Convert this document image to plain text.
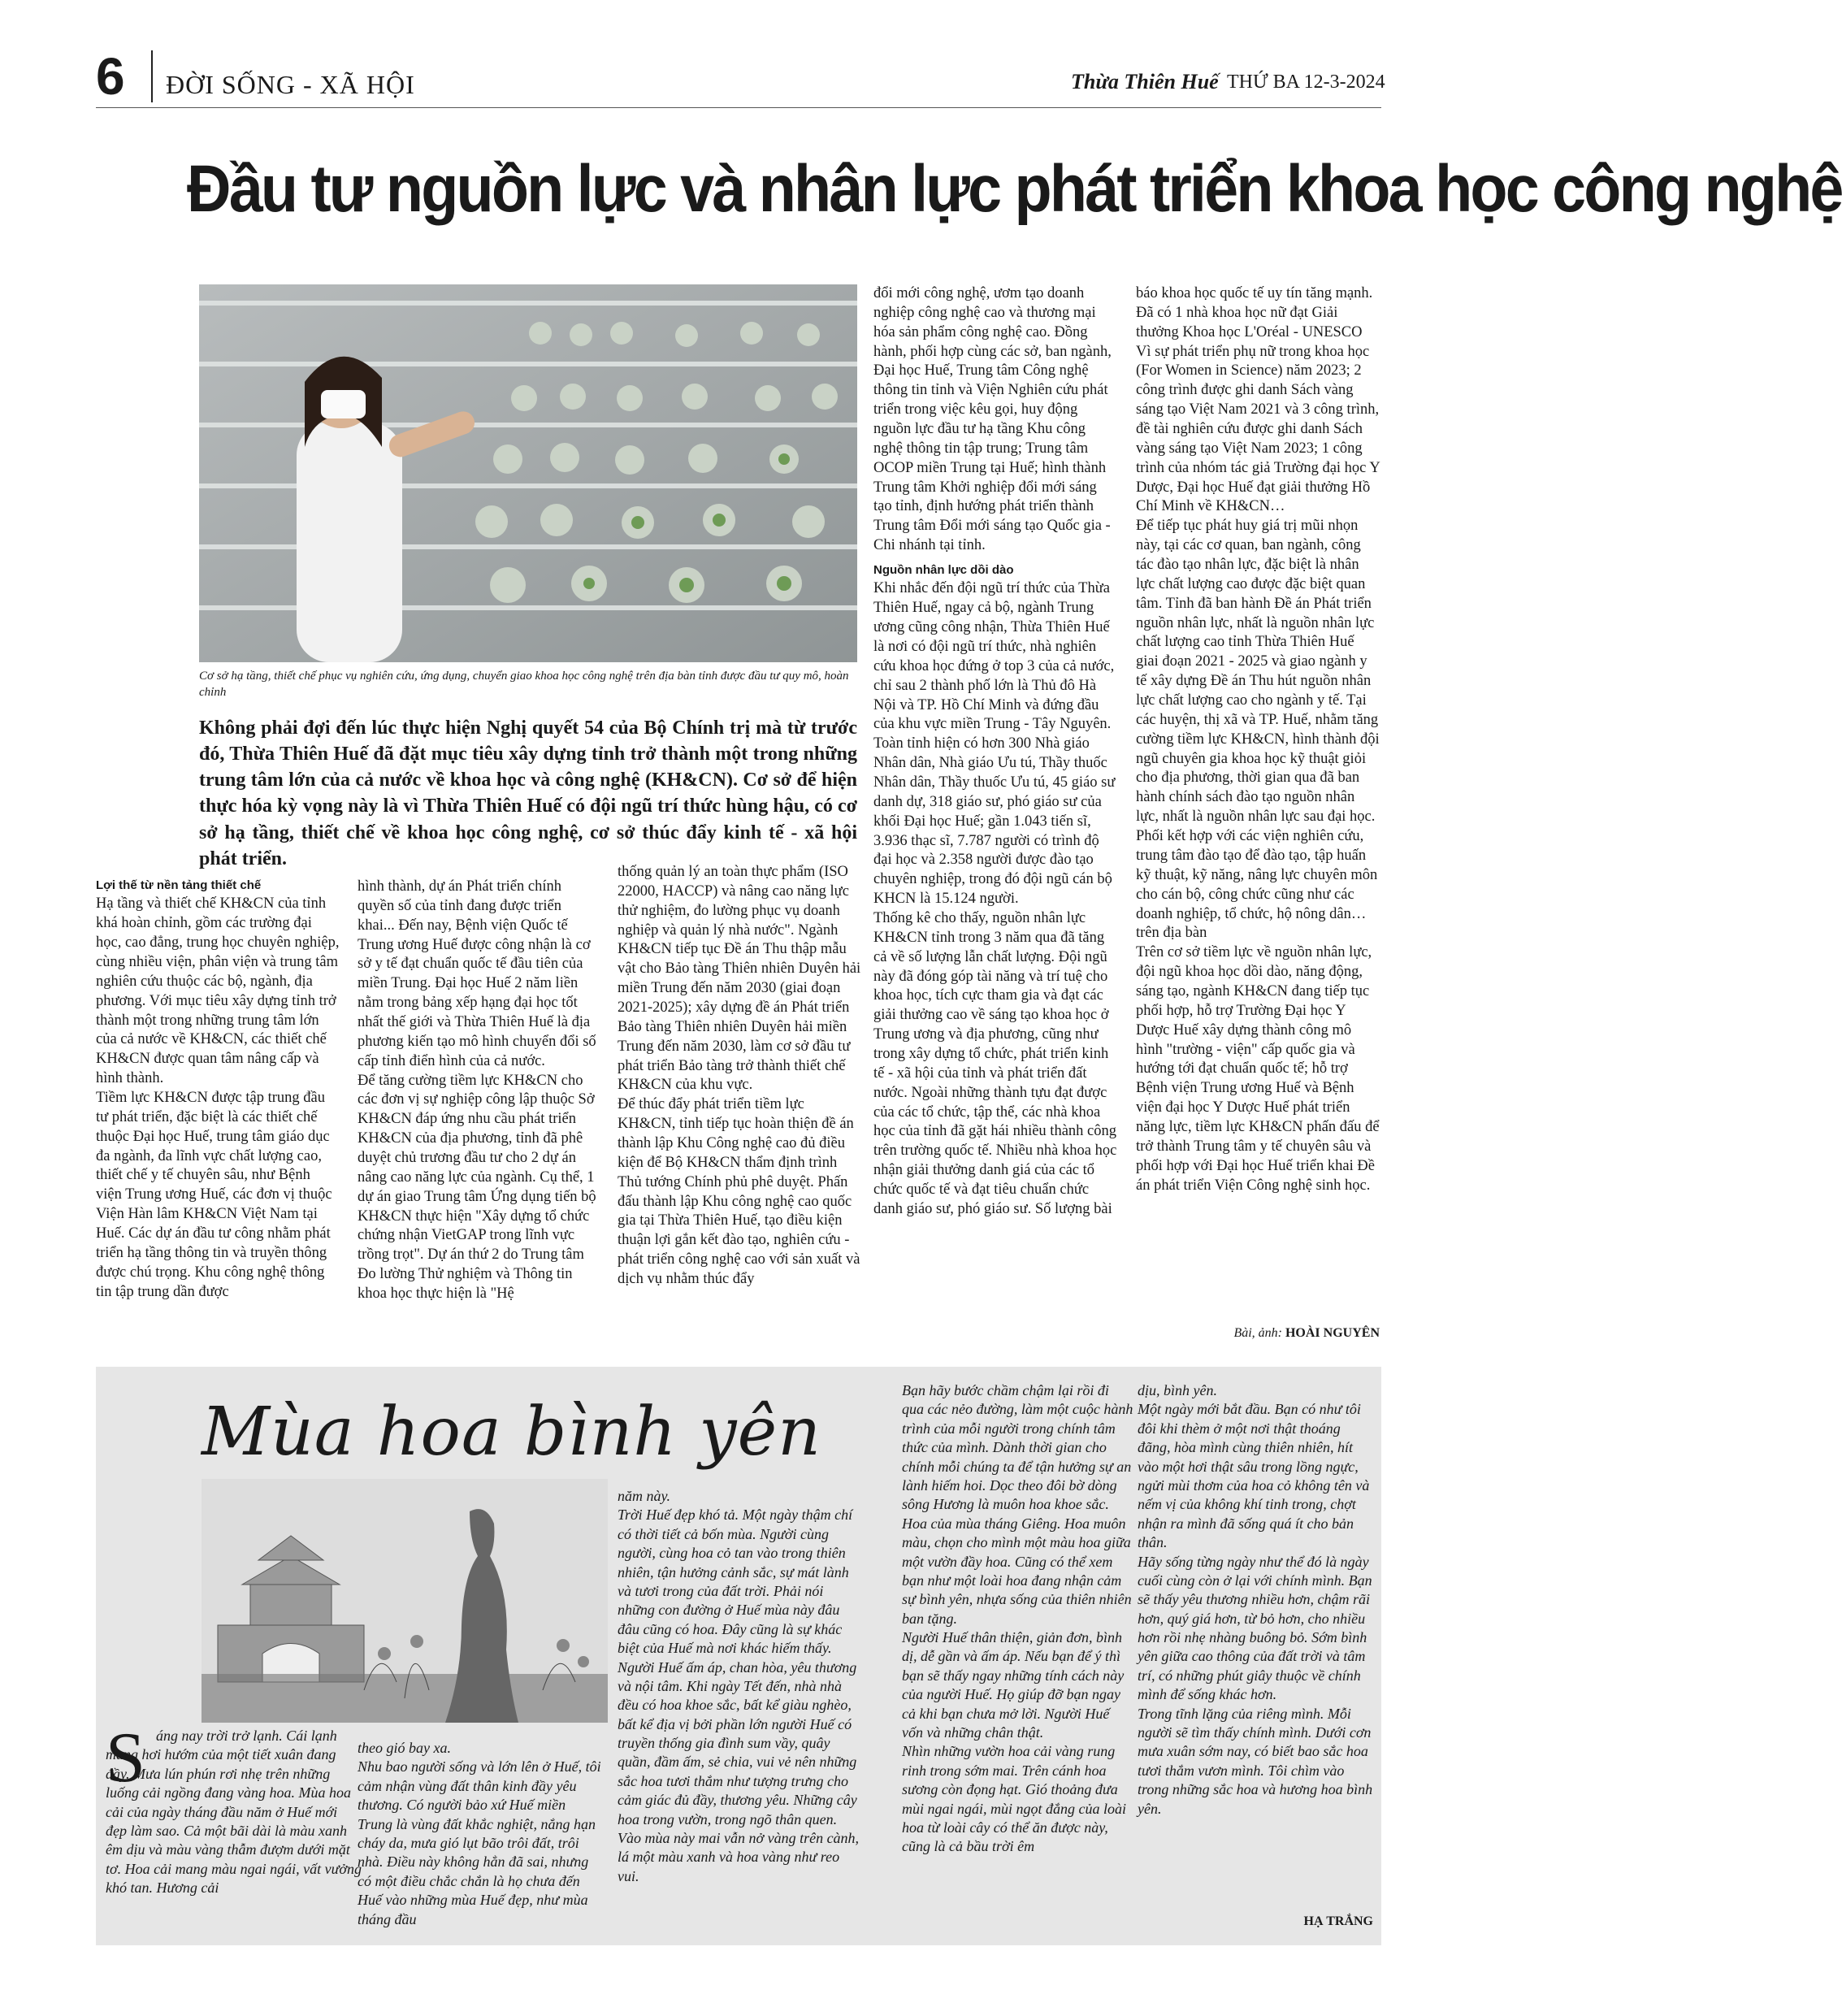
6 ĐỜI SỐNG - XÃ HỘI	Thừa Thiên Huế THỨ BA 12-3-2024
Đầu tư nguồn lực và nhân lực phát triển khoa học công nghệ
Cơ sở hạ tầng, thiết chế phục vụ nghiên cứu, ứng dụng, chuyển giao khoa học công nghệ trên địa bàn tỉnh được đầu tư quy mô, hoàn chỉnh
Không phải đợi đến lúc thực hiện Nghị quyết 54 của Bộ Chính trị mà từ trước đó, Thừa Thiên Huế đã đặt mục tiêu xây dựng tỉnh trở thành một trong những trung tâm lớn của cả nước về khoa học và công nghệ (KH&CN). Cơ sở để hiện thực hóa kỳ vọng này là vì Thừa Thiên Huế có đội ngũ trí thức hùng hậu, có cơ sở hạ tầng, thiết chế về khoa học công nghệ, cơ sở thúc đẩy kinh tế - xã hội phát triển.
Lợi thế từ nền tảng thiết chế
Hạ tầng và thiết chế KH&CN của tỉnh khá hoàn chỉnh, gồm các trường đại học, cao đẳng, trung học chuyên nghiệp, cùng nhiều viện, phân viện và trung tâm nghiên cứu thuộc các bộ, ngành, địa phương. Với mục tiêu xây dựng tỉnh trở thành một trong những trung tâm lớn của cả nước về KH&CN, các thiết chế KH&CN được quan tâm nâng cấp và hình thành.
Tiềm lực KH&CN được tập trung đầu tư phát triển, đặc biệt là các thiết chế thuộc Đại học Huế, trung tâm giáo dục đa ngành, đa lĩnh vực chất lượng cao, thiết chế y tế chuyên sâu, như Bệnh viện Trung ương Huế, các đơn vị thuộc Viện Hàn lâm KH&CN Việt Nam tại Huế. Các dự án đầu tư công nhằm phát triển hạ tầng thông tin và truyền thông được chú trọng. Khu công nghệ thông tin tập trung dần được
hình thành, dự án Phát triển chính quyền số của tỉnh đang được triển khai... Đến nay, Bệnh viện Quốc tế Trung ương Huế được công nhận là cơ sở y tế đạt chuẩn quốc tế đầu tiên của miền Trung. Đại học Huế 2 năm liền nằm trong bảng xếp hạng đại học tốt nhất thế giới và Thừa Thiên Huế là địa phương kiến tạo mô hình chuyển đổi số cấp tỉnh điển hình của cả nước.
Để tăng cường tiềm lực KH&CN cho các đơn vị sự nghiệp công lập thuộc Sở KH&CN đáp ứng nhu cầu phát triển KH&CN của địa phương, tỉnh đã phê duyệt chủ trương đầu tư cho 2 dự án nâng cao năng lực của ngành. Cụ thể, 1 dự án giao Trung tâm Ứng dụng tiến bộ KH&CN thực hiện "Xây dựng tổ chức chứng nhận VietGAP trong lĩnh vực trồng trọt". Dự án thứ 2 do Trung tâm Đo lường Thử nghiệm và Thông tin khoa học thực hiện là "Hệ
thống quản lý an toàn thực phẩm (ISO 22000, HACCP) và nâng cao năng lực thử nghiệm, đo lường phục vụ doanh nghiệp và quản lý nhà nước". Ngành KH&CN tiếp tục Đề án Thu thập mẫu vật cho Bảo tàng Thiên nhiên Duyên hải miền Trung đến năm 2030 (giai đoạn 2021-2025); xây dựng đề án Phát triển Bảo tàng Thiên nhiên Duyên hải miền Trung đến năm 2030, làm cơ sở đầu tư phát triển Bảo tàng trở thành thiết chế KH&CN của khu vực.
Để thúc đẩy phát triển tiềm lực KH&CN, tỉnh tiếp tục hoàn thiện đề án thành lập Khu Công nghệ cao đủ điều kiện để Bộ KH&CN thẩm định trình Thủ tướng Chính phủ phê duyệt. Phấn đấu thành lập Khu công nghệ cao quốc gia tại Thừa Thiên Huế, tạo điều kiện thuận lợi gắn kết đào tạo, nghiên cứu - phát triển công nghệ cao với sản xuất và dịch vụ nhằm thúc đẩy
đổi mới công nghệ, ươm tạo doanh nghiệp công nghệ cao và thương mại hóa sản phẩm công nghệ cao. Đồng hành, phối hợp cùng các sở, ban ngành, Đại học Huế, Trung tâm Công nghệ thông tin tỉnh và Viện Nghiên cứu phát triển trong việc kêu gọi, huy động nguồn lực đầu tư hạ tầng Khu công nghệ thông tin tập trung; Trung tâm OCOP miền Trung tại Huế; hình thành Trung tâm Khởi nghiệp đổi mới sáng tạo tỉnh, định hướng phát triển thành Trung tâm Đổi mới sáng tạo Quốc gia - Chi nhánh tại tỉnh.
Nguồn nhân lực dồi dào
Khi nhắc đến đội ngũ trí thức của Thừa Thiên Huế, ngay cả bộ, ngành Trung ương cũng công nhận, Thừa Thiên Huế là nơi có đội ngũ trí thức, nhà nghiên cứu khoa học đứng ở top 3 của cả nước, chỉ sau 2 thành phố lớn là Thủ đô Hà Nội và TP. Hồ Chí Minh và đứng đầu của khu vực miền Trung - Tây Nguyên. Toàn tỉnh hiện có hơn 300 Nhà giáo Nhân dân, Nhà giáo Ưu tú, Thầy thuốc Nhân dân, Thầy thuốc Ưu tú, 45 giáo sư danh dự, 318 giáo sư, phó giáo sư của khối Đại học Huế; gần 1.043 tiến sĩ, 3.936 thạc sĩ, 7.787 người có trình độ đại học và 2.358 người được đào tạo chuyên nghiệp, trong đó đội ngũ cán bộ KHCN là 15.124 người.
Thống kê cho thấy, nguồn nhân lực KH&CN tỉnh trong 3 năm qua đã tăng cả về số lượng lẫn chất lượng. Đội ngũ này đã đóng góp tài năng và trí tuệ cho khoa học, tích cực tham gia và đạt các giải thưởng cao về sáng tạo khoa học ở Trung ương và địa phương, cũng như trong xây dựng tổ chức, phát triển kinh tế - xã hội của tỉnh và phát triển đất nước. Ngoài những thành tựu đạt được của các tổ chức, tập thể, các nhà khoa học của tỉnh đã gặt hái nhiều thành công trên trường quốc tế. Nhiều nhà khoa học nhận giải thưởng danh giá của các tổ chức quốc tế và đạt tiêu chuẩn chức danh giáo sư, phó giáo sư. Số lượng bài
báo khoa học quốc tế uy tín tăng mạnh. Đã có 1 nhà khoa học nữ đạt Giải thưởng Khoa học L'Oréal - UNESCO Vì sự phát triển phụ nữ trong khoa học (For Women in Science) năm 2023; 2 công trình được ghi danh Sách vàng sáng tạo Việt Nam 2021 và 3 công trình, đề tài nghiên cứu được ghi danh Sách vàng sáng tạo Việt Nam 2023; 1 công trình của nhóm tác giả Trường đại học Y Dược, Đại học Huế đạt giải thưởng Hồ Chí Minh về KH&CN…
Để tiếp tục phát huy giá trị mũi nhọn này, tại các cơ quan, ban ngành, công tác đào tạo nhân lực, đặc biệt là nhân lực chất lượng cao được đặc biệt quan tâm. Tỉnh đã ban hành Đề án Phát triển nguồn nhân lực, nhất là nguồn nhân lực chất lượng cao tỉnh Thừa Thiên Huế giai đoạn 2021 - 2025 và giao ngành y tế xây dựng Đề án Thu hút nguồn nhân lực chất lượng cao cho ngành y tế. Tại các huyện, thị xã và TP. Huế, nhằm tăng cường tiềm lực KH&CN, hình thành đội ngũ chuyên gia khoa học kỹ thuật giỏi cho địa phương, thời gian qua đã ban hành chính sách đào tạo nguồn nhân lực, nhất là nguồn nhân lực sau đại học. Phối kết hợp với các viện nghiên cứu, trung tâm đào tạo để đào tạo, tập huấn kỹ thuật, kỹ năng, nâng lực chuyên môn cho cán bộ, công chức cũng như các doanh nghiệp, tổ chức, hộ nông dân… trên địa bàn
Trên cơ sở tiềm lực về nguồn nhân lực, đội ngũ khoa học dồi dào, năng động, sáng tạo, ngành KH&CN đang tiếp tục phối hợp, hỗ trợ Trường Đại học Y Dược Huế xây dựng thành công mô hình "trường - viện" cấp quốc gia và hướng tới đạt chuẩn quốc tế; hỗ trợ Bệnh viện Trung ương Huế và Bệnh viện đại học Y Dược Huế phát triển năng lực, tiềm lực KH&CN phấn đấu để trở thành Trung tâm y tế chuyên sâu và phối hợp với Đại học Huế triển khai Đề án phát triển Viện Công nghệ sinh học.
Bài, ảnh: HOÀI NGUYÊN
Mùa hoa bình yên
S áng nay trời trở lạnh. Cái lạnh mang hơi hướm của một tiết xuân đang đầy. Mưa lún phún rơi nhẹ trên những luống cải ngồng đang vàng hoa. Mùa hoa cải của ngày tháng đầu năm ở Huế mới đẹp làm sao. Cả một bãi dài là màu xanh êm dịu và màu vàng thẫm đượm dưới mặt tơ. Hoa cải mang màu ngai ngái, vất vưởng khó tan. Hương cải
theo gió bay xa.
Nhu bao người sống và lớn lên ở Huế, tôi cảm nhận vùng đất thân kinh đầy yêu thương. Có người bảo xứ Huế miền Trung là vùng đất khắc nghiệt, nắng hạn cháy da, mưa gió lụt bão trôi đất, trôi nhà. Điều này không hẳn đã sai, nhưng có một điều chắc chắn là họ chưa đến Huế vào những mùa Huế đẹp, như mùa tháng đầu
năm này.
Trời Huế đẹp khó tả. Một ngày thậm chí có thời tiết cả bốn mùa. Người cùng người, cùng hoa cỏ tan vào trong thiên nhiên, tận hưởng cảnh sắc, sự mát lành và tươi trong của đất trời. Phải nói những con đường ở Huế mùa này đâu đâu cũng có hoa. Đây cũng là sự khác biệt của Huế mà nơi khác hiếm thấy. Người Huế ấm áp, chan hòa, yêu thương và nội tâm. Khi ngày Tết đến, nhà nhà đều có hoa khoe sắc, bất kể giàu nghèo, bất kể địa vị bởi phần lớn người Huế có truyền thống gia đình sum vầy, quây quần, đầm ấm, sẻ chia, vui vẻ nên những sắc hoa tươi thắm như tượng trưng cho cảm giác đủ đầy, thương yêu. Những cây hoa trong vườn, trong ngõ thân quen. Vào mùa này mai vẫn nở vàng trên cành, lá một màu xanh và hoa vàng như reo vui.
Bạn hãy bước chầm chậm lại rồi đi qua các nẻo đường, làm một cuộc hành trình của mỗi người trong chính tâm thức của mình. Dành thời gian cho chính mỗi chúng ta để tận hưởng sự an lành hiếm hoi. Dọc theo đôi bờ dòng sông Hương là muôn hoa khoe sắc. Hoa của mùa tháng Giêng. Hoa muôn màu, chọn cho mình một màu hoa giữa một vườn đầy hoa. Cũng có thể xem bạn như một loài hoa đang nhận cảm sự bình yên, nhựa sống của thiên nhiên ban tặng.
Người Huế thân thiện, giản đơn, bình dị, dễ gần và ấm áp. Nếu bạn để ý thì bạn sẽ thấy ngay những tính cách này của người Huế. Họ giúp đỡ bạn ngay cả khi bạn chưa mở lời. Người Huế vốn và những chân thật.
Nhìn những vườn hoa cải vàng rung rinh trong sớm mai. Trên cánh hoa sương còn đọng hạt. Gió thoảng đưa mùi ngai ngái, mùi ngọt đắng của loài hoa từ loài cây có thể ăn được này, cũng là cả bầu trời êm
dịu, bình yên.
Một ngày mới bắt đầu. Bạn có như tôi đôi khi thèm ở một nơi thật thoáng đãng, hòa mình cùng thiên nhiên, hít vào một hơi thật sâu trong lồng ngực, ngửi mùi thơm của hoa cỏ không tên và nếm vị của không khí tinh trong, chợt nhận ra mình đã sống quá ít cho bản thân.
Hãy sống từng ngày như thể đó là ngày cuối cùng còn ở lại với chính mình. Bạn sẽ thấy yêu thương nhiều hơn, chậm rãi hơn, quý giá hơn, từ bỏ hơn, cho nhiều hơn rồi nhẹ nhàng buông bỏ. Sớm bình yên giữa cao thông của đất trời và tâm trí, có những phút giây thuộc về chính mình để sống khác hơn.
Trong tĩnh lặng của riêng mình. Mỗi người sẽ tìm thấy chính mình. Dưới cơn mưa xuân sớm nay, có biết bao sắc hoa tươi thắm vươn mình. Tôi chìm vào trong những sắc hoa và hương hoa bình yên.
HẠ TRẮNG
